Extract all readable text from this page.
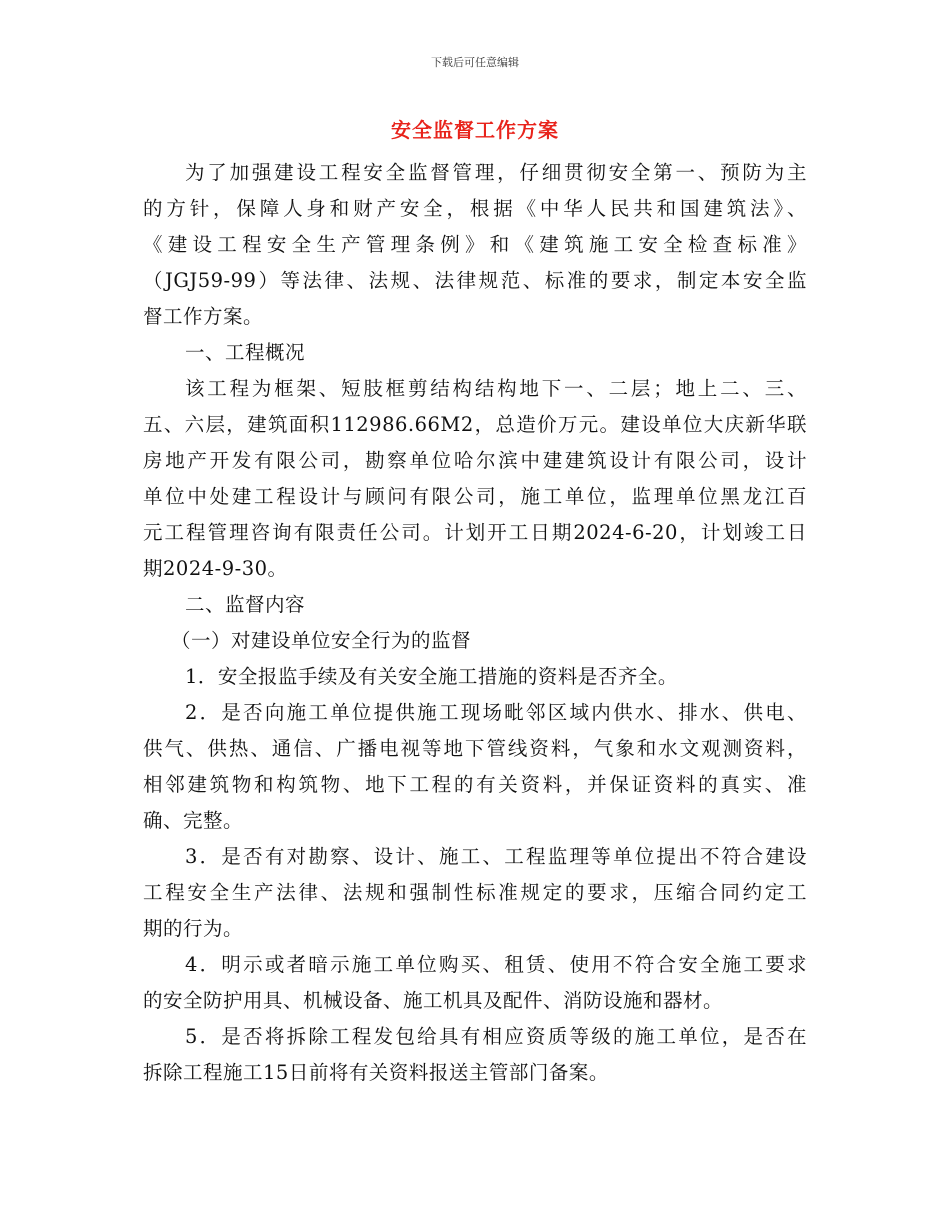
下载后可任意编辑
安全监督工作方案
为了加强建设工程安全监督管理，仔细贯彻安全第一、预防为主
的方针，保障人身和财产安全，根据《中华人民共和国建筑法》、
《建设工程安全生产管理条例》和《建筑施工安全检查标准》
（JGJ59-99）等法律、法规、法律规范、标准的要求，制定本安全监
督工作方案。
一、工程概况
该工程为框架、短肢框剪结构结构地下一、二层；地上二、三、
五、六层，建筑面积112986.66M2，总造价万元。建设单位大庆新华联
房地产开发有限公司，勘察单位哈尔滨中建建筑设计有限公司，设计
单位中处建工程设计与顾问有限公司，施工单位，监理单位黑龙江百
元工程管理咨询有限责任公司。计划开工日期2024-6-20，计划竣工日
期2024-9-30。
二、监督内容
（一）对建设单位安全行为的监督
1．安全报监手续及有关安全施工措施的资料是否齐全。
2．是否向施工单位提供施工现场毗邻区域内供水、排水、供电、
供气、供热、通信、广播电视等地下管线资料，气象和水文观测资料，
相邻建筑物和构筑物、地下工程的有关资料，并保证资料的真实、准
确、完整。
3．是否有对勘察、设计、施工、工程监理等单位提出不符合建设
工程安全生产法律、法规和强制性标准规定的要求，压缩合同约定工
期的行为。
4．明示或者暗示施工单位购买、租赁、使用不符合安全施工要求
的安全防护用具、机械设备、施工机具及配件、消防设施和器材。
5．是否将拆除工程发包给具有相应资质等级的施工单位，是否在
拆除工程施工15日前将有关资料报送主管部门备案。
